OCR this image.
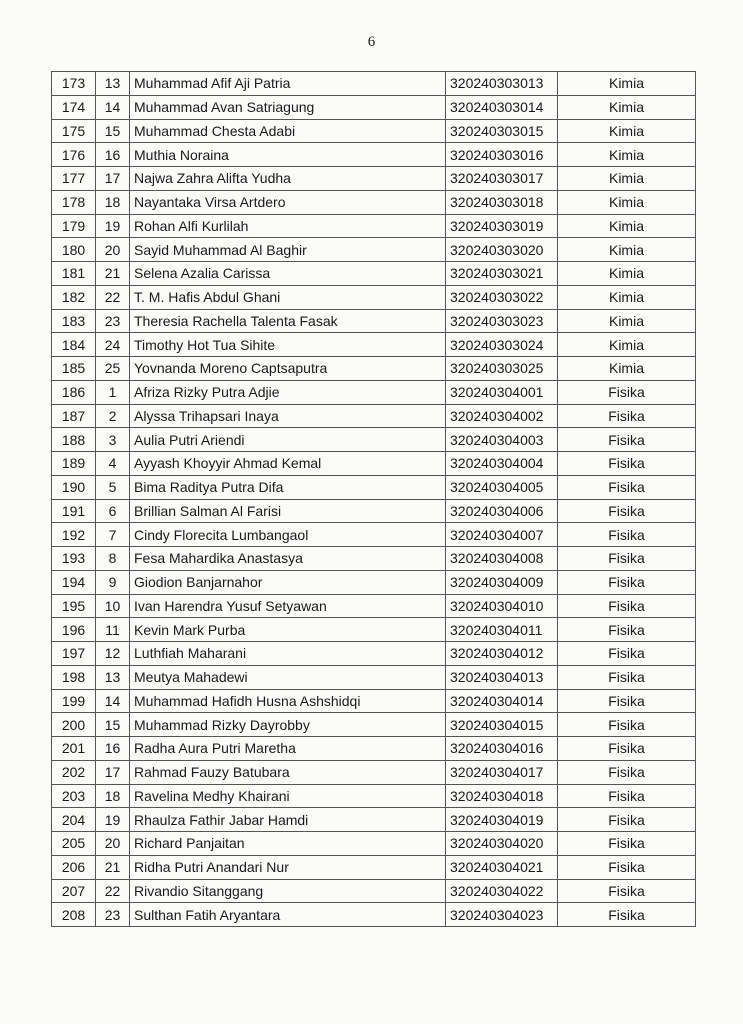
6
173	13	Muhammad Afif Aji Patria	320240303013	Kimia
174	14	Muhammad Avan Satriagung	320240303014	Kimia
175	15	Muhammad Chesta Adabi	320240303015	Kimia
176	16	Muthia Noraina	320240303016	Kimia
177	17	Najwa Zahra Alifta Yudha	320240303017	Kimia
178	18	Nayantaka Virsa Artdero	320240303018	Kimia
179	19	Rohan Alfi Kurlilah	320240303019	Kimia
180	20	Sayid Muhammad Al Baghir	320240303020	Kimia
181	21	Selena Azalia Carissa	320240303021	Kimia
182	22	T. M. Hafis Abdul Ghani	320240303022	Kimia
183	23	Theresia Rachella Talenta Fasak	320240303023	Kimia
184	24	Timothy Hot Tua Sihite	320240303024	Kimia
185	25	Yovnanda Moreno Captsaputra	320240303025	Kimia
186	1	Afriza Rizky Putra Adjie	320240304001	Fisika
187	2	Alyssa Trihapsari Inaya	320240304002	Fisika
188	3	Aulia Putri Ariendi	320240304003	Fisika
189	4	Ayyash Khoyyir Ahmad Kemal	320240304004	Fisika
190	5	Bima Raditya Putra Difa	320240304005	Fisika
191	6	Brillian Salman Al Farisi	320240304006	Fisika
192	7	Cindy Florecita Lumbangaol	320240304007	Fisika
193	8	Fesa Mahardika Anastasya	320240304008	Fisika
194	9	Giodion Banjarnahor	320240304009	Fisika
195	10	Ivan Harendra Yusuf Setyawan	320240304010	Fisika
196	11	Kevin Mark Purba	320240304011	Fisika
197	12	Luthfiah Maharani	320240304012	Fisika
198	13	Meutya Mahadewi	320240304013	Fisika
199	14	Muhammad Hafidh Husna Ashshidqi	320240304014	Fisika
200	15	Muhammad Rizky Dayrobby	320240304015	Fisika
201	16	Radha Aura Putri Maretha	320240304016	Fisika
202	17	Rahmad Fauzy Batubara	320240304017	Fisika
203	18	Ravelina Medhy Khairani	320240304018	Fisika
204	19	Rhaulza Fathir Jabar Hamdi	320240304019	Fisika
205	20	Richard Panjaitan	320240304020	Fisika
206	21	Ridha Putri Anandari Nur	320240304021	Fisika
207	22	Rivandio Sitanggang	320240304022	Fisika
208	23	Sulthan Fatih Aryantara	320240304023	Fisika
